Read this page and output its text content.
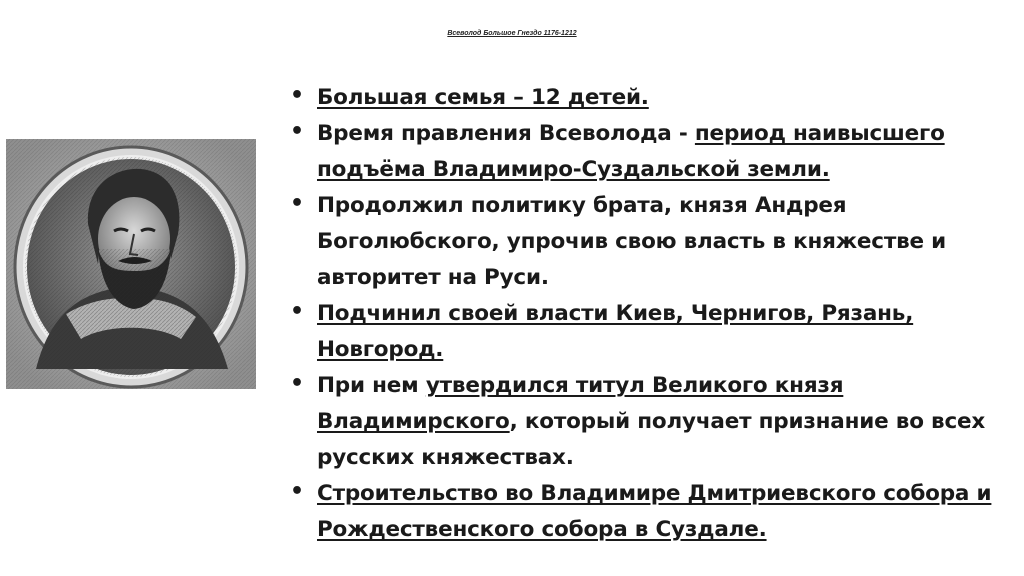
Всеволод Большое Гнездо 1176-1212
• Большая семья – 12 детей.
• Время правления Всеволода - период наивысшего подъёма Владимиро-Суздальской земли.
• Продолжил политику брата, князя Андрея Боголюбского, упрочив свою власть в княжестве и авторитет на Руси.
• Подчинил своей власти Киев, Чернигов, Рязань, Новгород.
• При нем утвердился титул Великого князя Владимирского, который получает признание во всех русских княжествах.
• Строительство во Владимире Дмитриевского собора и Рождественского собора в Суздале.
